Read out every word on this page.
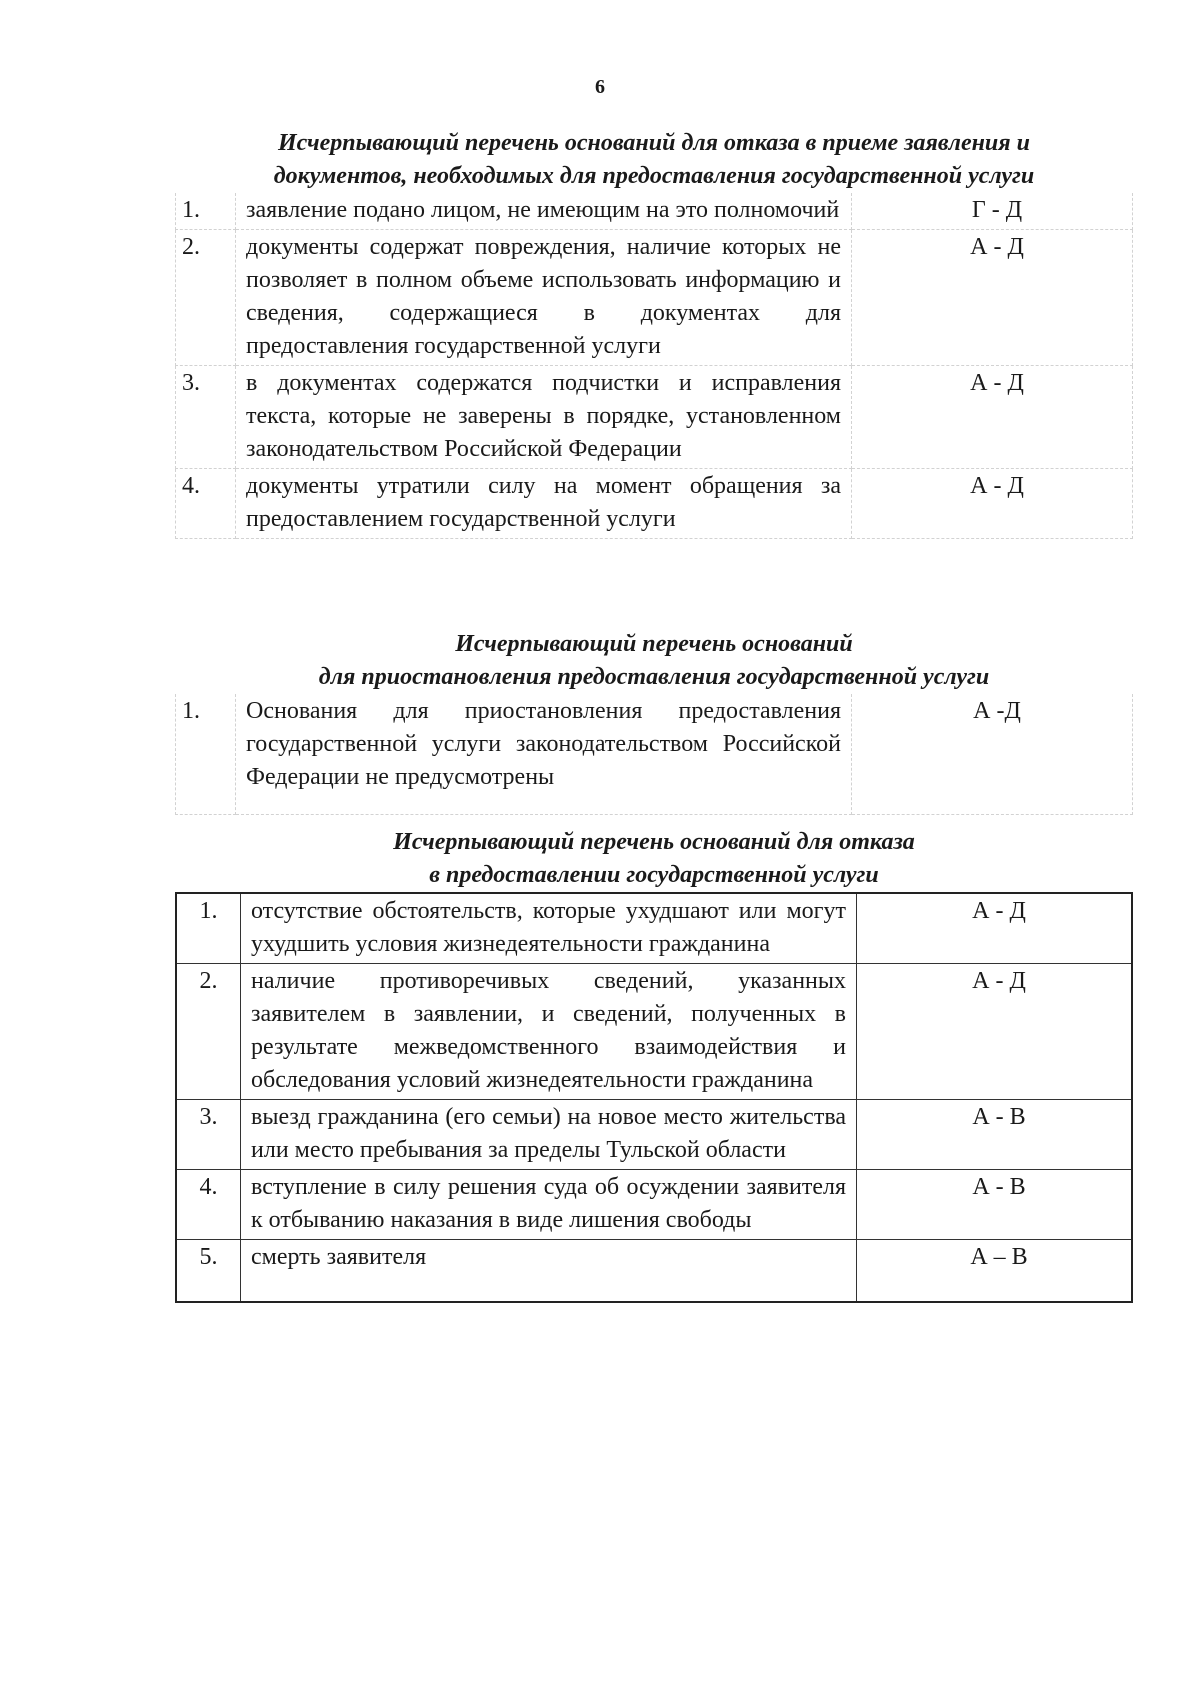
6

Исчерпывающий перечень оснований для отказа в приеме заявления и
документов, необходимых для предоставления государственной услуги

1.	заявление подано лицом, не имеющим на это полномочий	Г - Д
2.	документы содержат повреждения, наличие которых не позволяет в полном объеме использовать информацию и сведения, содержащиеся в документах для предоставления государственной услуги	А - Д
3.	в документах содержатся подчистки и исправления текста, которые не заверены в порядке, установленном законодательством Российской Федерации	А - Д
4.	документы утратили силу на момент обращения за предоставлением государственной услуги	А - Д

Исчерпывающий перечень оснований
для приостановления предоставления государственной услуги

1.	Основания для приостановления предоставления государственной услуги законодательством Российской Федерации не предусмотрены	А -Д

Исчерпывающий перечень оснований для отказа
в предоставлении государственной услуги

1.	отсутствие обстоятельств, которые ухудшают или могут ухудшить условия жизнедеятельности гражданина	А - Д
2.	наличие противоречивых сведений, указанных заявителем в заявлении, и сведений, полученных в результате межведомственного взаимодействия и обследования условий жизнедеятельности гражданина	А - Д
3.	выезд гражданина (его семьи) на новое место жительства или место пребывания за пределы Тульской области	А - В
4.	вступление в силу решения суда об осуждении заявителя к отбыванию наказания в виде лишения свободы	А - В
5.	смерть заявителя	А – В
